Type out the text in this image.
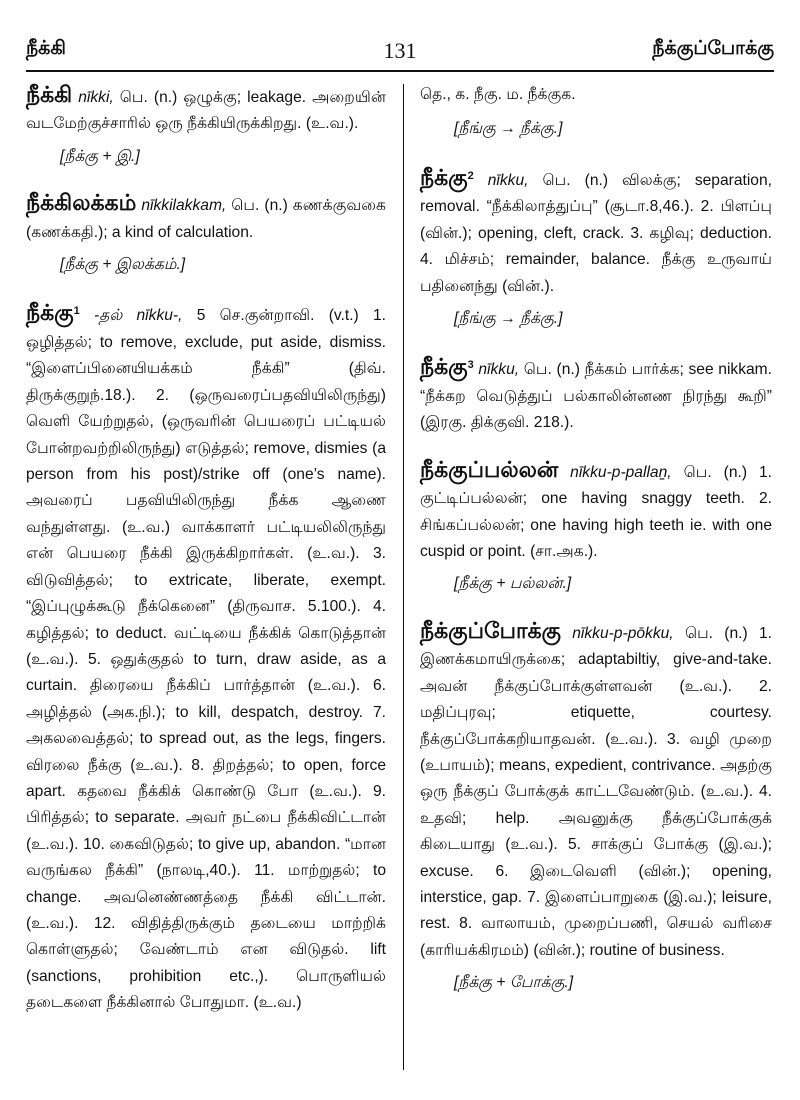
நீக்கி	131	நீக்குப்போக்கு
நீக்கி nīkki, பெ. (n.) ஒழுக்கு; leakage. அறையின் வடமேற்குச்சாரில் ஒரு நீக்கியிருக்கிறது. (உ.வ.).
[நீக்கு + இ.]
நீக்கிலக்கம் nīkkilakkam, பெ. (n.) கணக்குவகை (கணக்கதி.); a kind of calculation.
[நீக்கு + இலக்கம்.]
நீக்கு$^1$ -தல் nīkku-, 5 செ.குன்றாவி. (v.t.) 1. ஒழித்தல்; to remove, exclude, put aside, dismiss. “இளைப்பினையியக்கம் நீக்கி” (திவ். திருக்குறுந்.18.). 2. (ஒருவரைப்பதவியிலிருந்து) வெளி யேற்றுதல், (ஒருவரின் பெயரைப் பட்டியல் போன்றவற்றிலிருந்து) எடுத்தல்; remove, dismies (a person from his post)/strike off (one’s name). அவரைப் பதவியிலிருந்து நீக்க ஆணை வந்துள்ளது. (உ.வ.) வாக்காளர் பட்டியலிலிருந்து என் பெயரை நீக்கி இருக்கிறார்கள். (உ.வ.). 3. விடுவித்தல்; to extricate, liberate, exempt. “இப்புழுக்கூடு நீக்கெனை” (திருவாச. 5.100.). 4. கழித்தல்; to deduct. வட்டியை நீக்கிக் கொடுத்தான் (உ.வ.). 5. ஒதுக்குதல் to turn, draw aside, as a curtain. திரையை நீக்கிப் பார்த்தான் (உ.வ.). 6. அழித்தல் (அக.நி.); to kill, despatch, destroy. 7. அகலவைத்தல்; to spread out, as the legs, fingers. விரலை நீக்கு (உ.வ.). 8. திறத்தல்; to open, force apart. கதவை நீக்கிக் கொண்டு போ (உ.வ.). 9. பிரித்தல்; to separate. அவர் நட்பை நீக்கிவிட்டான் (உ.வ.). 10. கைவிடுதல்; to give up, abandon. “மான வருங்கல நீக்கி” (நாலடி,40.). 11. மாற்றுதல்; to change. அவனெண்ணத்தை நீக்கி விட்டான். (உ.வ.). 12. விதித்திருக்கும் தடையை மாற்றிக் கொள்ளுதல்; வேண்டாம் என விடுதல். lift (sanctions, prohibition etc.,). பொருளியல் தடைகளை நீக்கினால் போதுமா. (உ.வ.)
தெ., க. நீகு. ம. நீக்குக.
[நீங்கு → நீக்கு.]
நீக்கு$^2$ nīkku, பெ. (n.) விலக்கு; separation, removal. “நீக்கிலாத்துப்பு” (சூடா.8,46.). 2. பிளப்பு (வின்.); opening, cleft, crack. 3. கழிவு; deduction. 4. மிச்சம்; remainder, balance. நீக்கு உருவாய் பதினைந்து (வின்.).
[நீங்கு → நீக்கு.]
நீக்கு$^3$ nīkku, பெ. (n.) நீக்கம் பார்க்க; see nikkam. “நீக்கற வெடுத்துப் பல்காலின்னண நிரந்து கூறி” (இரகு. திக்குவி. 218.).
நீக்குப்பல்லன் nīkku-p-pallaṉ, பெ. (n.) 1. குட்டிப்பல்லன்; one having snaggy teeth. 2. சிங்கப்பல்லன்; one having high teeth ie. with one cuspid or point. (சா.அக.).
[நீக்கு + பல்லன்.]
நீக்குப்போக்கு nīkku-p-pōkku, பெ. (n.) 1. இணக்கமாயிருக்கை; adaptabiltiy, give-and-take. அவன் நீக்குப்போக்குள்ளவன் (உ.வ.). 2. மதிப்புரவு; etiquette, courtesy. நீக்குப்போக்கறியாதவன். (உ.வ.). 3. வழி முறை (உபாயம்); means, expedient, contrivance. அதற்கு ஒரு நீக்குப் போக்குக் காட்டவேண்டும். (உ.வ.). 4. உதவி; help. அவனுக்கு நீக்குப்போக்குக் கிடையாது (உ.வ.). 5. சாக்குப் போக்கு (இ.வ.); excuse. 6. இடைவெளி (வின்.); opening, interstice, gap. 7. இளைப்பாறுகை (இ.வ.); leisure, rest. 8. வாலாயம், முறைப்பணி, செயல் வரிசை (காரியக்கிரமம்) (வின்.); routine of business.
[நீக்கு + போக்கு.]
